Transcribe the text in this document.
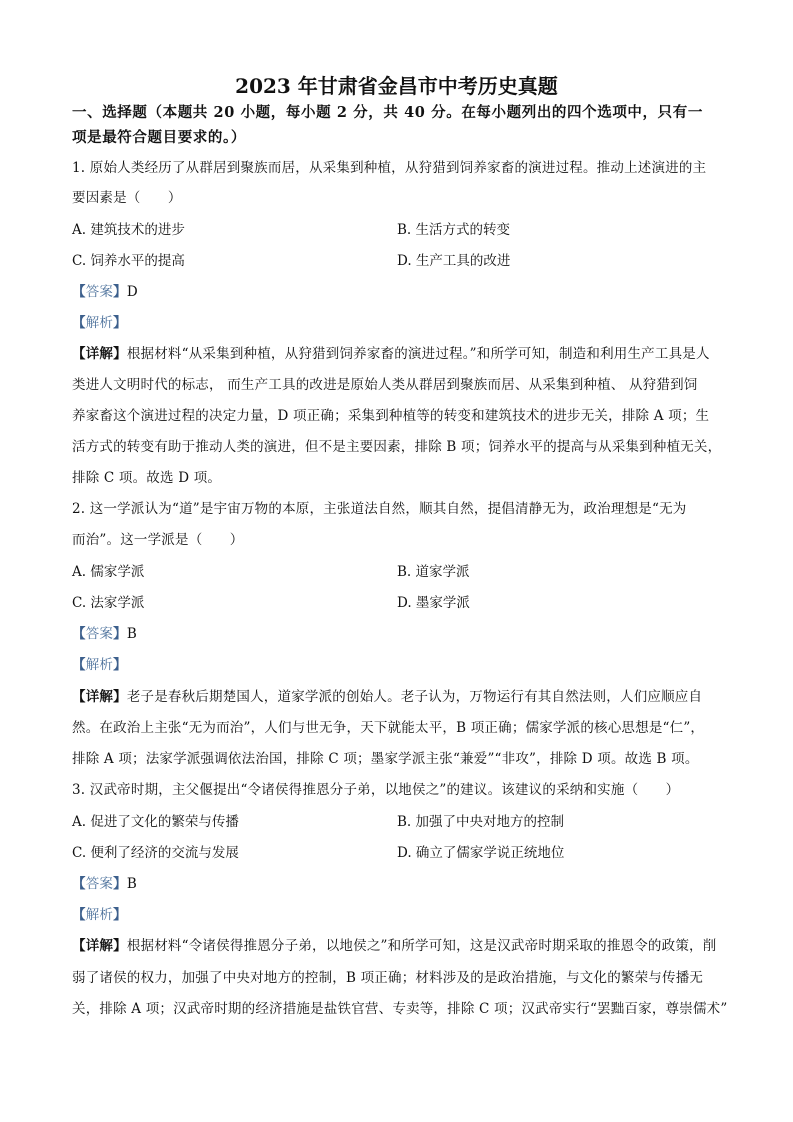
2023 年甘肃省金昌市中考历史真题
一、选择题（本题共 20 小题，每小题 2 分，共 40 分。在每小题列出的四个选项中，只有一
项是最符合题目要求的。）
1. 原始人类经历了从群居到聚族而居，从采集到种植，从狩猎到饲养家畜的演进过程。推动上述演进的主
要因素是（　　）
A. 建筑技术的进步	B. 生活方式的转变
C. 饲养水平的提高	D. 生产工具的改进
【答案】D
【解析】
【详解】根据材料“从采集到种植，从狩猎到饲养家畜的演进过程。”和所学可知，制造和利用生产工具是人
类进人文明时代的标志， 而生产工具的改进是原始人类从群居到聚族而居、从采集到种植、 从狩猎到饲
养家畜这个演进过程的决定力量，D 项正确；采集到种植等的转变和建筑技术的进步无关，排除 A 项；生
活方式的转变有助于推动人类的演进，但不是主要因素，排除 B 项；饲养水平的提高与从采集到种植无关，
排除 C 项。故选 D 项。
2. 这一学派认为“道”是宇宙万物的本原，主张道法自然，顺其自然，提倡清静无为，政治理想是“无为
而治”。这一学派是（　　）
A. 儒家学派	B. 道家学派
C. 法家学派	D. 墨家学派
【答案】B
【解析】
【详解】老子是春秋后期楚国人，道家学派的创始人。老子认为，万物运行有其自然法则，人们应顺应自
然。在政治上主张“无为而治”，人们与世无争，天下就能太平，B 项正确；儒家学派的核心思想是“仁”，
排除 A 项；法家学派强调依法治国，排除 C 项；墨家学派主张“兼爱”“非攻”，排除 D 项。故选 B 项。
3. 汉武帝时期，主父偃提出“令诸侯得推恩分子弟，以地侯之”的建议。该建议的采纳和实施（　　）
A. 促进了文化的繁荣与传播	B. 加强了中央对地方的控制
C. 便利了经济的交流与发展	D. 确立了儒家学说正统地位
【答案】B
【解析】
【详解】根据材料“令诸侯得推恩分子弟，以地侯之”和所学可知，这是汉武帝时期采取的推恩令的政策，削
弱了诸侯的权力，加强了中央对地方的控制，B 项正确；材料涉及的是政治措施，与文化的繁荣与传播无
关，排除 A 项；汉武帝时期的经济措施是盐铁官营、专卖等，排除 C 项；汉武帝实行“罢黜百家，尊崇儒术”
